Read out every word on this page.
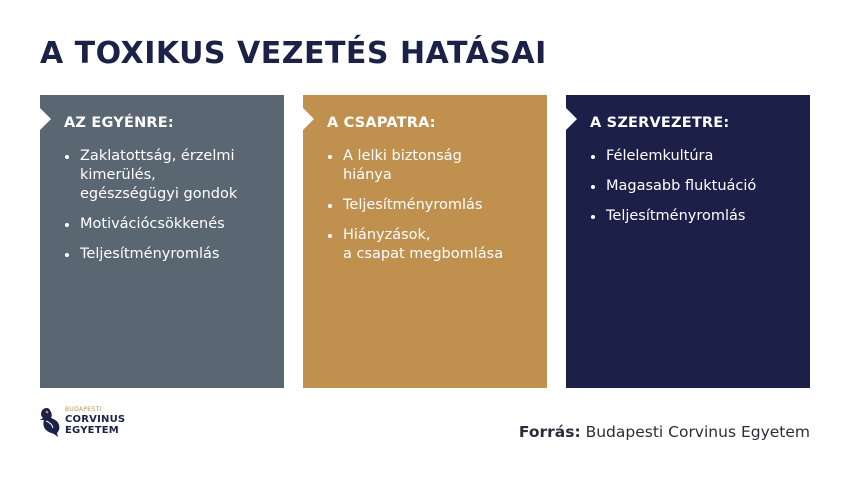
A TOXIKUS VEZETÉS HATÁSAI
AZ EGYÉNRE:
Zaklatottság, érzelmi
kimerülés,
egészségügyi gondok
Motivációcsökkenés
Teljesítményromlás
A CSAPATRA:
A lelki biztonság
hiánya
Teljesítményromlás
Hiányzások,
a csapat megbomlása
A SZERVEZETRE:
Félelemkultúra
Magasabb fluktuáció
Teljesítményromlás
BUDAPESTI
CORVINUS
EGYETEM	Forrás: Budapesti Corvinus Egyetem
